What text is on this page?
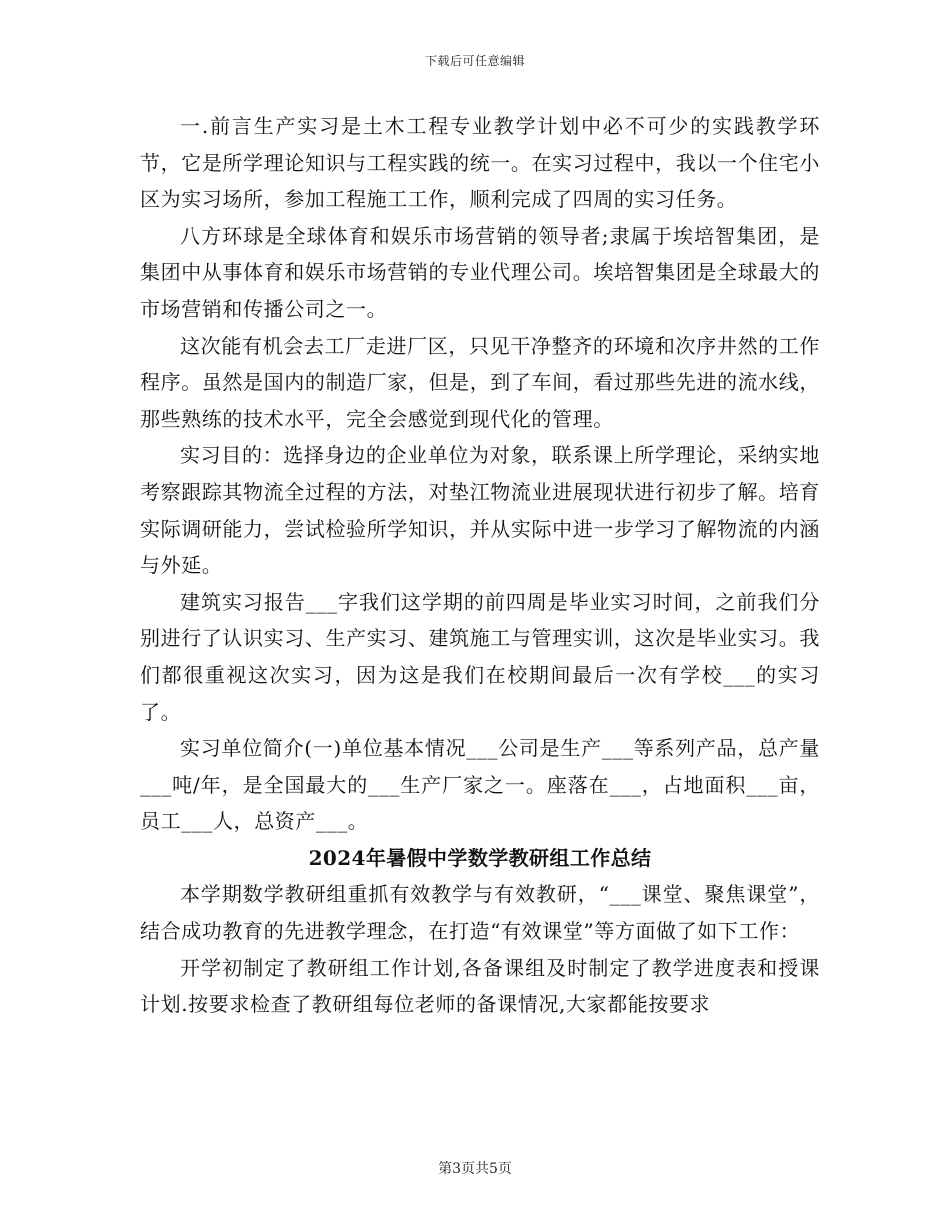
下载后可任意编辑

一.前言生产实习是土木工程专业教学计划中必不可少的实践教学环节，它是所学理论知识与工程实践的统一。在实习过程中，我以一个住宅小区为实习场所，参加工程施工工作，顺利完成了四周的实习任务。

八方环球是全球体育和娱乐市场营销的领导者;隶属于埃培智集团，是集团中从事体育和娱乐市场营销的专业代理公司。埃培智集团是全球最大的市场营销和传播公司之一。

这次能有机会去工厂走进厂区，只见干净整齐的环境和次序井然的工作程序。虽然是国内的制造厂家，但是，到了车间，看过那些先进的流水线，那些熟练的技术水平，完全会感觉到现代化的管理。

实习目的：选择身边的企业单位为对象，联系课上所学理论，采纳实地考察跟踪其物流全过程的方法，对垫江物流业进展现状进行初步了解。培育实际调研能力，尝试检验所学知识，并从实际中进一步学习了解物流的内涵与外延。

建筑实习报告___字我们这学期的前四周是毕业实习时间，之前我们分别进行了认识实习、生产实习、建筑施工与管理实训，这次是毕业实习。我们都很重视这次实习，因为这是我们在校期间最后一次有学校___的实习了。

实习单位简介(一)单位基本情况___公司是生产___等系列产品，总产量___吨/年，是全国最大的___生产厂家之一。座落在___，占地面积___亩，员工___人，总资产___。

2024年暑假中学数学教研组工作总结

本学期数学教研组重抓有效教学与有效教研，“___课堂、聚焦课堂”，结合成功教育的先进教学理念，在打造“有效课堂”等方面做了如下工作：

开学初制定了教研组工作计划,各备课组及时制定了教学进度表和授课计划.按要求检查了教研组每位老师的备课情况,大家都能按要求

第3页共5页
